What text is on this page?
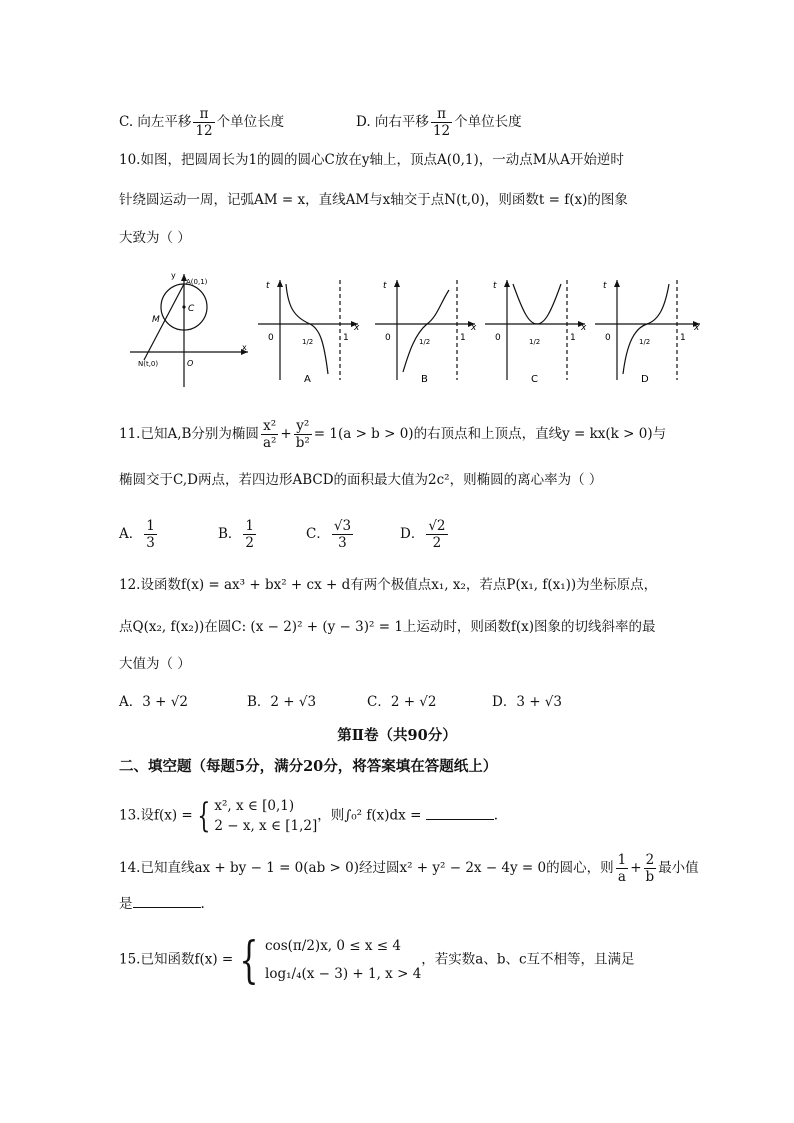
C. 向左平移 $\frac{\pi}{12}$ 个单位长度	D. 向右平移 $\frac{\pi}{12}$ 个单位长度
10.如图，把圆周长为1的圆的圆心C放在y轴上，顶点A(0,1)，一动点M从A开始逆时
针绕圆运动一周，记弧AM = x，直线AM与x轴交于点N(t,0)，则函数t = f(x)的图象
大致为（ ）
y
A(0,1)
C
M
N(t,0)	O
x
t
0	1/2	1
x
A
t
0	1/2	1
x
B
t
0	1/2	1
x
C
t
0	1/2	1
x
D
11.已知A,B分别为椭圆 $\frac{\text{x²}}{\text{a²}} + \frac{\text{y²}}{\text{b²}} = 1(a > b > 0)$的右顶点和上顶点，直线y = kx(k > 0)与
椭圆交于C,D两点，若四边形ABCD的面积最大值为2c²，则椭圆的离心率为（ ）
A． $\frac{1}{3}$	B． $\frac{1}{2}$	C． $\frac{√3}{3}$	D． $\frac{√2}{2}$
12.设函数f(x) = ax³ + bx² + cx + d有两个极值点x₁, x₂，若点P(x₁, f(x₁))为坐标原点，
点Q(x₂, f(x₂))在圆C: (x − 2)² + (y − 3)² = 1上运动时，则函数f(x)图象的切线斜率的最
大值为（ ）
A．3 + √2	B．2 + √3	C．2 + √2	D．3 + √3
第Ⅱ卷（共90分）
二、填空题（每题5分，满分20分，将答案填在答题纸上）
13.设f(x) = { x², x ∈ [0,1)
2 − x, x ∈ [1,2]
，则∫₀² f(x)dx =	.
14.已知直线ax + by − 1 = 0(ab > 0)经过圆x² + y² − 2x − 4y = 0的圆心，则 $\frac{1}{a} + \frac{2}{b}$ 最小值
是	.
15.已知函数f(x) = { cos(π/2)x, 0 ≤ x ≤ 4
log₁/₄(x − 3) + 1, x > 4
，若实数a、b、c互不相等，且满足
